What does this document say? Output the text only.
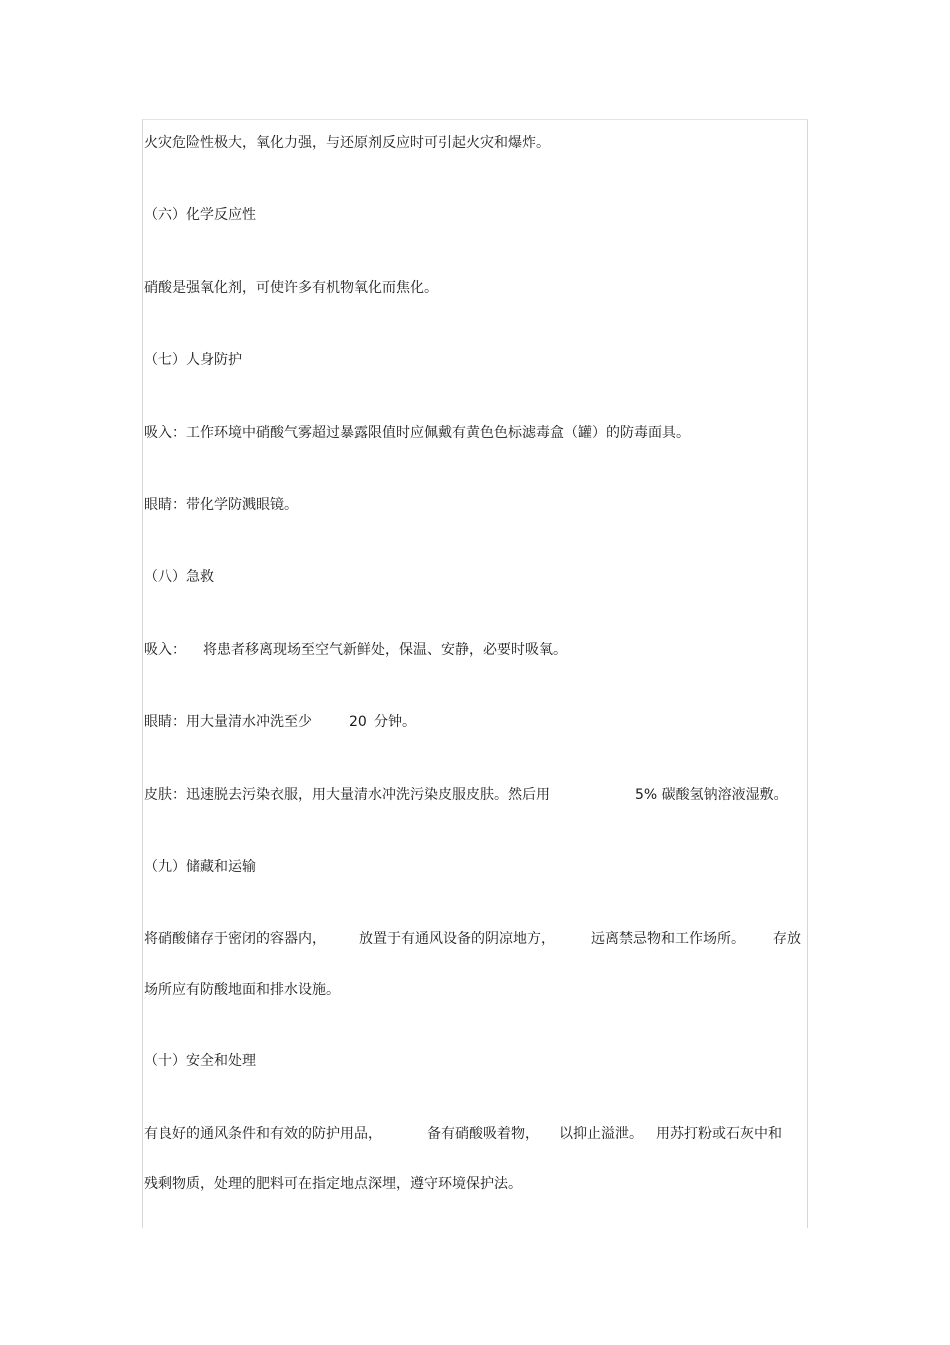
火灾危险性极大，氧化力强，与还原剂反应时可引起火灾和爆炸。
（六）化学反应性
硝酸是强氧化剂，可使许多有机物氧化而焦化。
（七）人身防护
吸入：工作环境中硝酸气雾超过暴露限值时应佩戴有黄色色标滤毒盒（罐）的防毒面具。
眼睛：带化学防溅眼镜。
（八）急救
吸入： 将患者移离现场至空气新鲜处，保温、安静，必要时吸氧。
眼睛：用大量清水冲洗至少	20 分钟。
皮肤：迅速脱去污染衣服，用大量清水冲洗污染皮服皮肤。然后用	5% 碳酸氢钠溶液湿敷。
（九）储藏和运输
将硝酸储存于密闭的容器内， 放置于有通风设备的阴凉地方，	远离禁忌物和工作场所。 存放
场所应有防酸地面和排水设施。
（十）安全和处理
有良好的通风条件和有效的防护用品，	备有硝酸吸着物， 以抑止溢泄。 用苏打粉或石灰中和
残剩物质，处理的肥料可在指定地点深埋，遵守环境保护法。
